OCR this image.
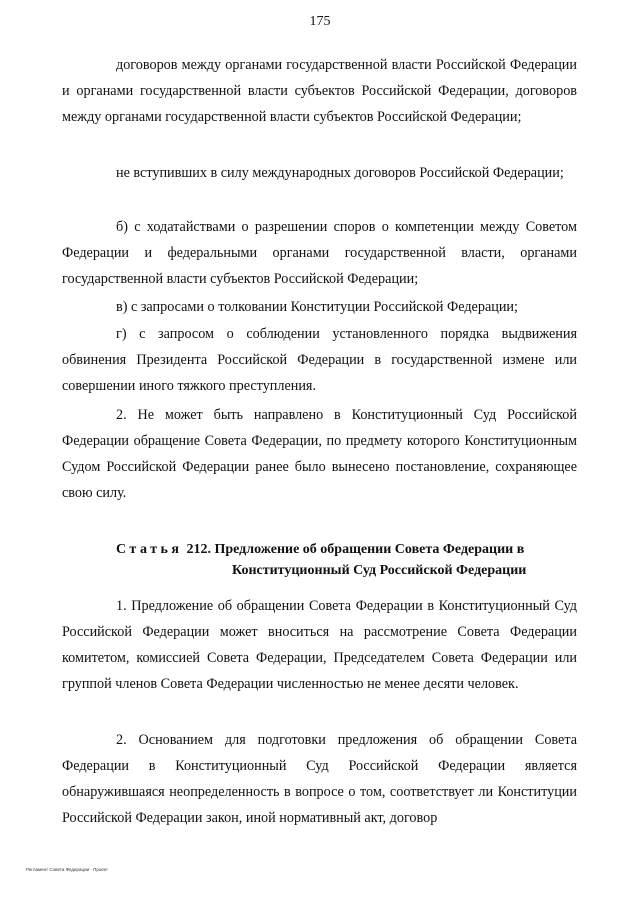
175

договоров между органами государственной власти Российской Федерации и органами государственной власти субъектов Российской Федерации, договоров между органами государственной власти субъектов Российской Федерации;

не вступивших в силу международных договоров Российской Федерации;

б) с ходатайствами о разрешении споров о компетенции между Советом Федерации и федеральными органами государственной власти, органами государственной власти субъектов Российской Федерации;

в) с запросами о толковании Конституции Российской Федерации;

г) с запросом о соблюдении установленного порядка выдвижения обвинения Президента Российской Федерации в государственной измене или совершении иного тяжкого преступления.

2. Не может быть направлено в Конституционный Суд Российской Федерации обращение Совета Федерации, по предмету которого Конституционным Судом Российской Федерации ранее было вынесено постановление, сохраняющее свою силу.

Статья 212. Предложение об обращении Совета Федерации в
Конституционный Суд Российской Федерации

1. Предложение об обращении Совета Федерации в Конституционный Суд Российской Федерации может вноситься на рассмотрение Совета Федерации комитетом, комиссией Совета Федерации, Председателем Совета Федерации или группой членов Совета Федерации численностью не менее десяти человек.

2. Основанием для подготовки предложения об обращении Совета Федерации в Конституционный Суд Российской Федерации является обнаружившаяся неопределенность в вопросе о том, соответствует ли Конституции Российской Федерации закон, иной нормативный акт, договор

Регламент Совета Федерации · Проект
